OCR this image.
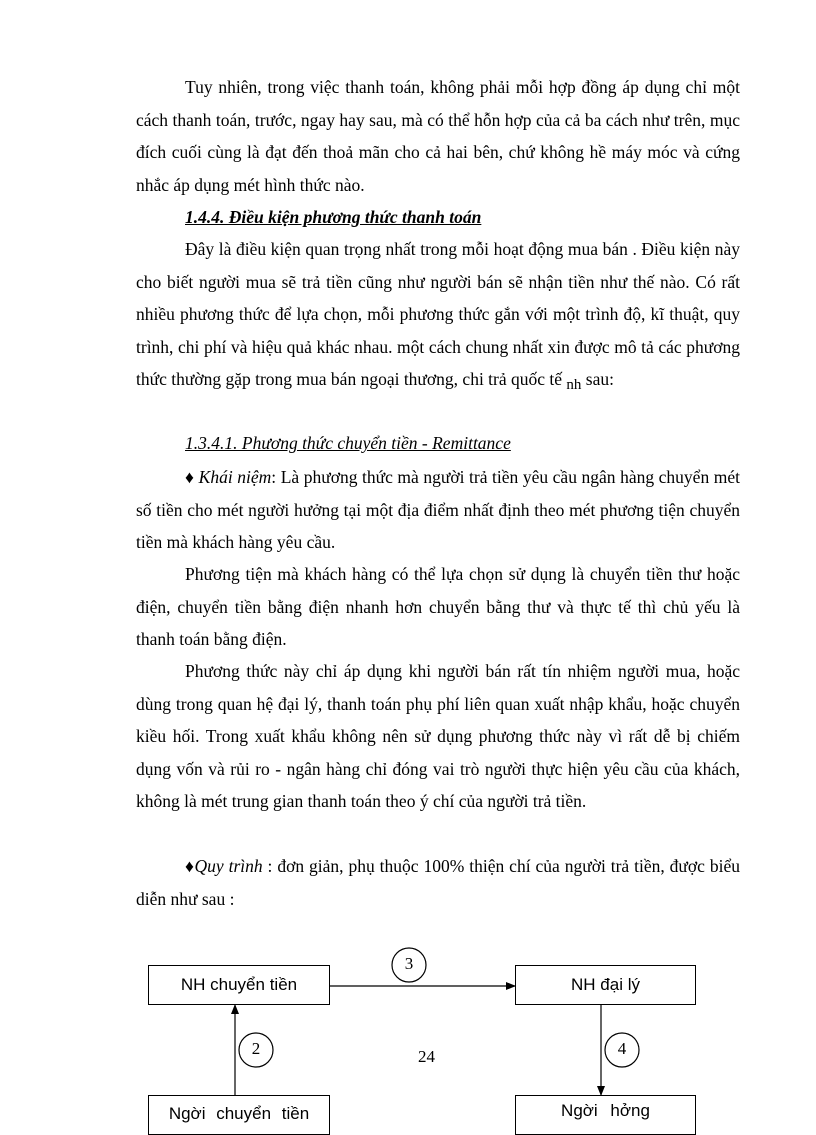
Tuy nhiên, trong việc thanh toán, không phải mỗi hợp đồng áp dụng chỉ một cách thanh toán, trước, ngay hay sau, mà có thể hỗn hợp của cả ba cách như trên, mục đích cuối cùng là đạt đến thoả mãn cho cả hai bên, chứ không hề máy móc và cứng nhắc áp dụng mét hình thức nào.

1.4.4. Điều kiện phương thức thanh toán

Đây là điều kiện quan trọng nhất trong mỗi hoạt động mua bán . Điều kiện này cho biết người mua sẽ trả tiền cũng như người bán sẽ nhận tiền như thế nào. Có rất nhiều phương thức để lựa chọn, mỗi phương thức gắn với một trình độ, kĩ thuật, quy trình, chi phí và hiệu quả khác nhau. một cách chung nhất xin được mô tả các phương thức thường gặp trong mua bán ngoại thương, chi trả quốc tế nh sau:

1.3.4.1. Phương thức chuyển tiền - Remittance

♦ Khái niệm: Là phương thức mà người trả tiền yêu cầu ngân hàng chuyển mét số tiền cho mét người hưởng tại một địa điểm nhất định theo mét phương tiện chuyển tiền mà khách hàng yêu cầu.

Phương tiện mà khách hàng có thể lựa chọn sử dụng là chuyển tiền thư hoặc điện, chuyển tiền bằng điện nhanh hơn chuyển bằng thư và thực tế thì chủ yếu là thanh toán bằng điện.

Phương thức này chỉ áp dụng khi người bán rất tín nhiệm người mua, hoặc dùng trong quan hệ đại lý, thanh toán phụ phí liên quan xuất nhập khẩu, hoặc chuyển kiều hối. Trong xuất khẩu không nên sử dụng phương thức này vì rất dễ bị chiếm dụng vốn và rủi ro - ngân hàng chỉ đóng vai trò người thực hiện yêu cầu của khách, không là mét trung gian thanh toán theo ý chí của người trả tiền.

♦Quy trình : đơn giản, phụ thuộc 100% thiện chí của người trả tiền, được biểu diễn như sau :

NH chuyển tiền	NH đại lý
Ngời chuyển tiền	Ngời hởng
3
2	4
24
